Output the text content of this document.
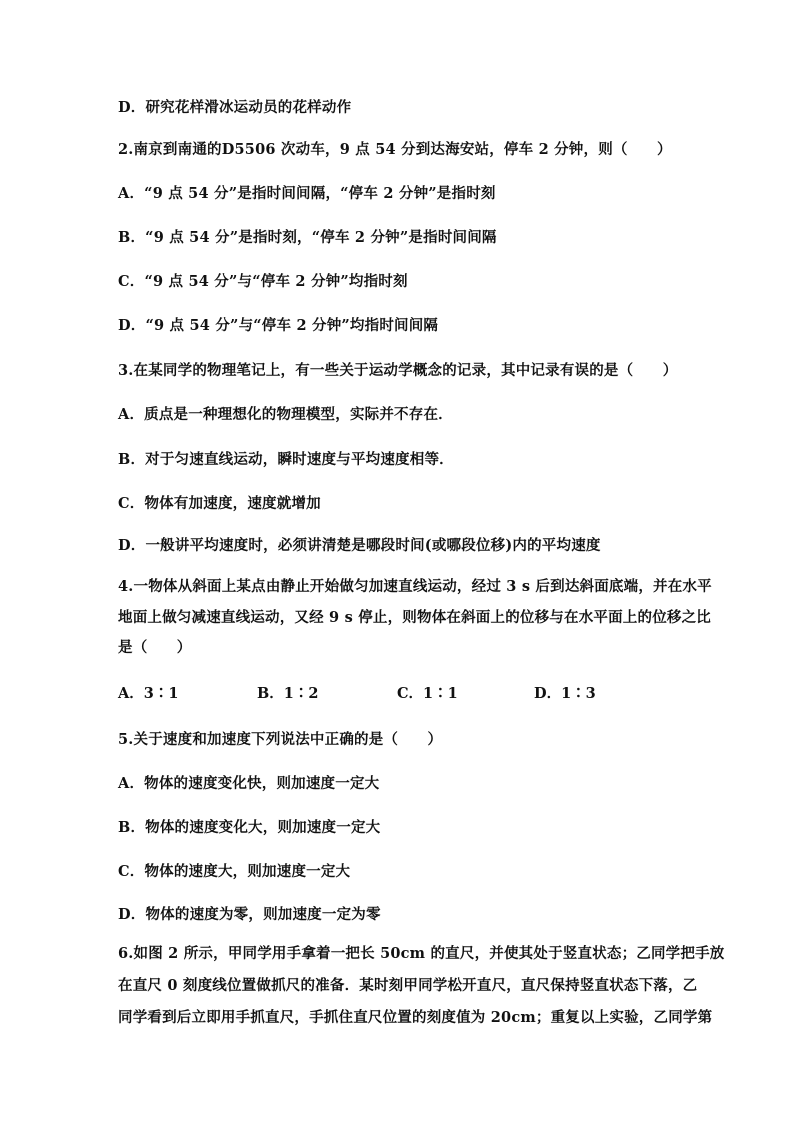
D．研究花样滑冰运动员的花样动作
2.南京到南通的D5506 次动车，9 点 54 分到达海安站，停车 2 分钟，则（　　）
A．“9 点 54 分”是指时间间隔，“停车 2 分钟”是指时刻
B．“9 点 54 分”是指时刻，“停车 2 分钟”是指时间间隔
C．“9 点 54 分”与“停车 2 分钟”均指时刻
D．“9 点 54 分”与“停车 2 分钟”均指时间间隔
3.在某同学的物理笔记上，有一些关于运动学概念的记录，其中记录有误的是（　　）
A．质点是一种理想化的物理模型，实际并不存在．
B．对于匀速直线运动，瞬时速度与平均速度相等．
C．物体有加速度，速度就增加
D．一般讲平均速度时，必须讲清楚是哪段时间(或哪段位移)内的平均速度
4.一物体从斜面上某点由静止开始做匀加速直线运动，经过 3 s 后到达斜面底端，并在水平
地面上做匀减速直线运动，又经 9 s 停止，则物体在斜面上的位移与在水平面上的位移之比
是（　　）
A．3∶1	B．1∶2	C．1∶1	D．1∶3
5.关于速度和加速度下列说法中正确的是（　　）
A．物体的速度变化快，则加速度一定大
B．物体的速度变化大，则加速度一定大
C．物体的速度大，则加速度一定大
D．物体的速度为零，则加速度一定为零
6.如图 2 所示，甲同学用手拿着一把长 50cm 的直尺，并使其处于竖直状态；乙同学把手放
在直尺 0 刻度线位置做抓尺的准备．某时刻甲同学松开直尺，直尺保持竖直状态下落，乙
同学看到后立即用手抓直尺，手抓住直尺位置的刻度值为 20cm；重复以上实验，乙同学第
